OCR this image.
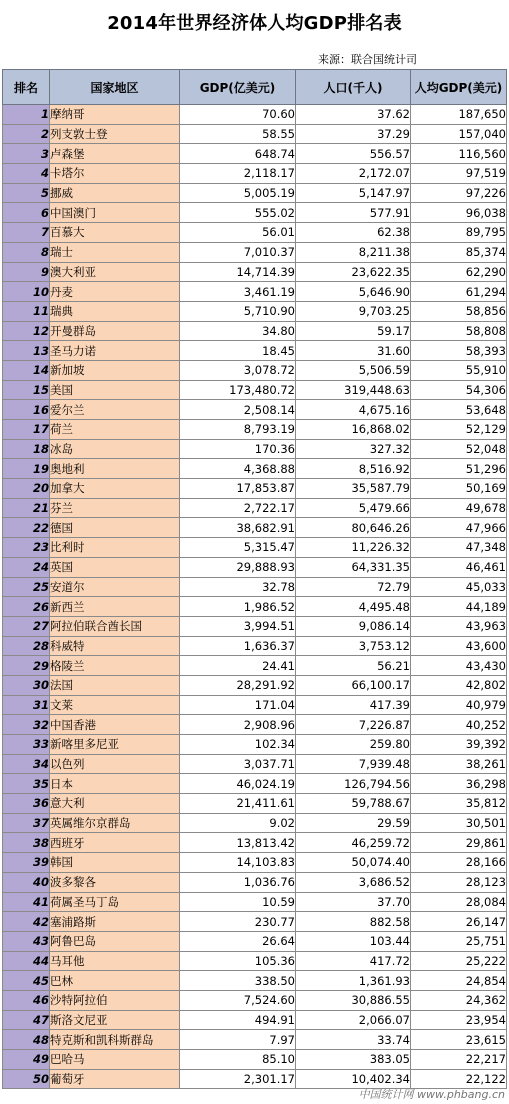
2014年世界经济体人均GDP排名表
来源：联合国统计司
排名	国家地区	GDP(亿美元)	人口(千人)	人均GDP(美元)
1	摩纳哥	70.60	37.62	187,650
2	列支敦士登	58.55	37.29	157,040
3	卢森堡	648.74	556.57	116,560
4	卡塔尔	2,118.17	2,172.07	97,519
5	挪威	5,005.19	5,147.97	97,226
6	中国澳门	555.02	577.91	96,038
7	百慕大	56.01	62.38	89,795
8	瑞士	7,010.37	8,211.38	85,374
9	澳大利亚	14,714.39	23,622.35	62,290
10	丹麦	3,461.19	5,646.90	61,294
11	瑞典	5,710.90	9,703.25	58,856
12	开曼群岛	34.80	59.17	58,808
13	圣马力诺	18.45	31.60	58,393
14	新加坡	3,078.72	5,506.59	55,910
15	美国	173,480.72	319,448.63	54,306
16	爱尔兰	2,508.14	4,675.16	53,648
17	荷兰	8,793.19	16,868.02	52,129
18	冰岛	170.36	327.32	52,048
19	奥地利	4,368.88	8,516.92	51,296
20	加拿大	17,853.87	35,587.79	50,169
21	芬兰	2,722.17	5,479.66	49,678
22	德国	38,682.91	80,646.26	47,966
23	比利时	5,315.47	11,226.32	47,348
24	英国	29,888.93	64,331.35	46,461
25	安道尔	32.78	72.79	45,033
26	新西兰	1,986.52	4,495.48	44,189
27	阿拉伯联合酋长国	3,994.51	9,086.14	43,963
28	科威特	1,636.37	3,753.12	43,600
29	格陵兰	24.41	56.21	43,430
30	法国	28,291.92	66,100.17	42,802
31	文莱	171.04	417.39	40,979
32	中国香港	2,908.96	7,226.87	40,252
33	新喀里多尼亚	102.34	259.80	39,392
34	以色列	3,037.71	7,939.48	38,261
35	日本	46,024.19	126,794.56	36,298
36	意大利	21,411.61	59,788.67	35,812
37	英属维尔京群岛	9.02	29.59	30,501
38	西班牙	13,813.42	46,259.72	29,861
39	韩国	14,103.83	50,074.40	28,166
40	波多黎各	1,036.76	3,686.52	28,123
41	荷属圣马丁岛	10.59	37.70	28,084
42	塞浦路斯	230.77	882.58	26,147
43	阿鲁巴岛	26.64	103.44	25,751
44	马耳他	105.36	417.72	25,222
45	巴林	338.50	1,361.93	24,854
46	沙特阿拉伯	7,524.60	30,886.55	24,362
47	斯洛文尼亚	494.91	2,066.07	23,954
48	特克斯和凯科斯群岛	7.97	33.74	23,615
49	巴哈马	85.10	383.05	22,217
50	葡萄牙	2,301.17	10,402.34	22,122
中国统计网 www.phbang.cn
